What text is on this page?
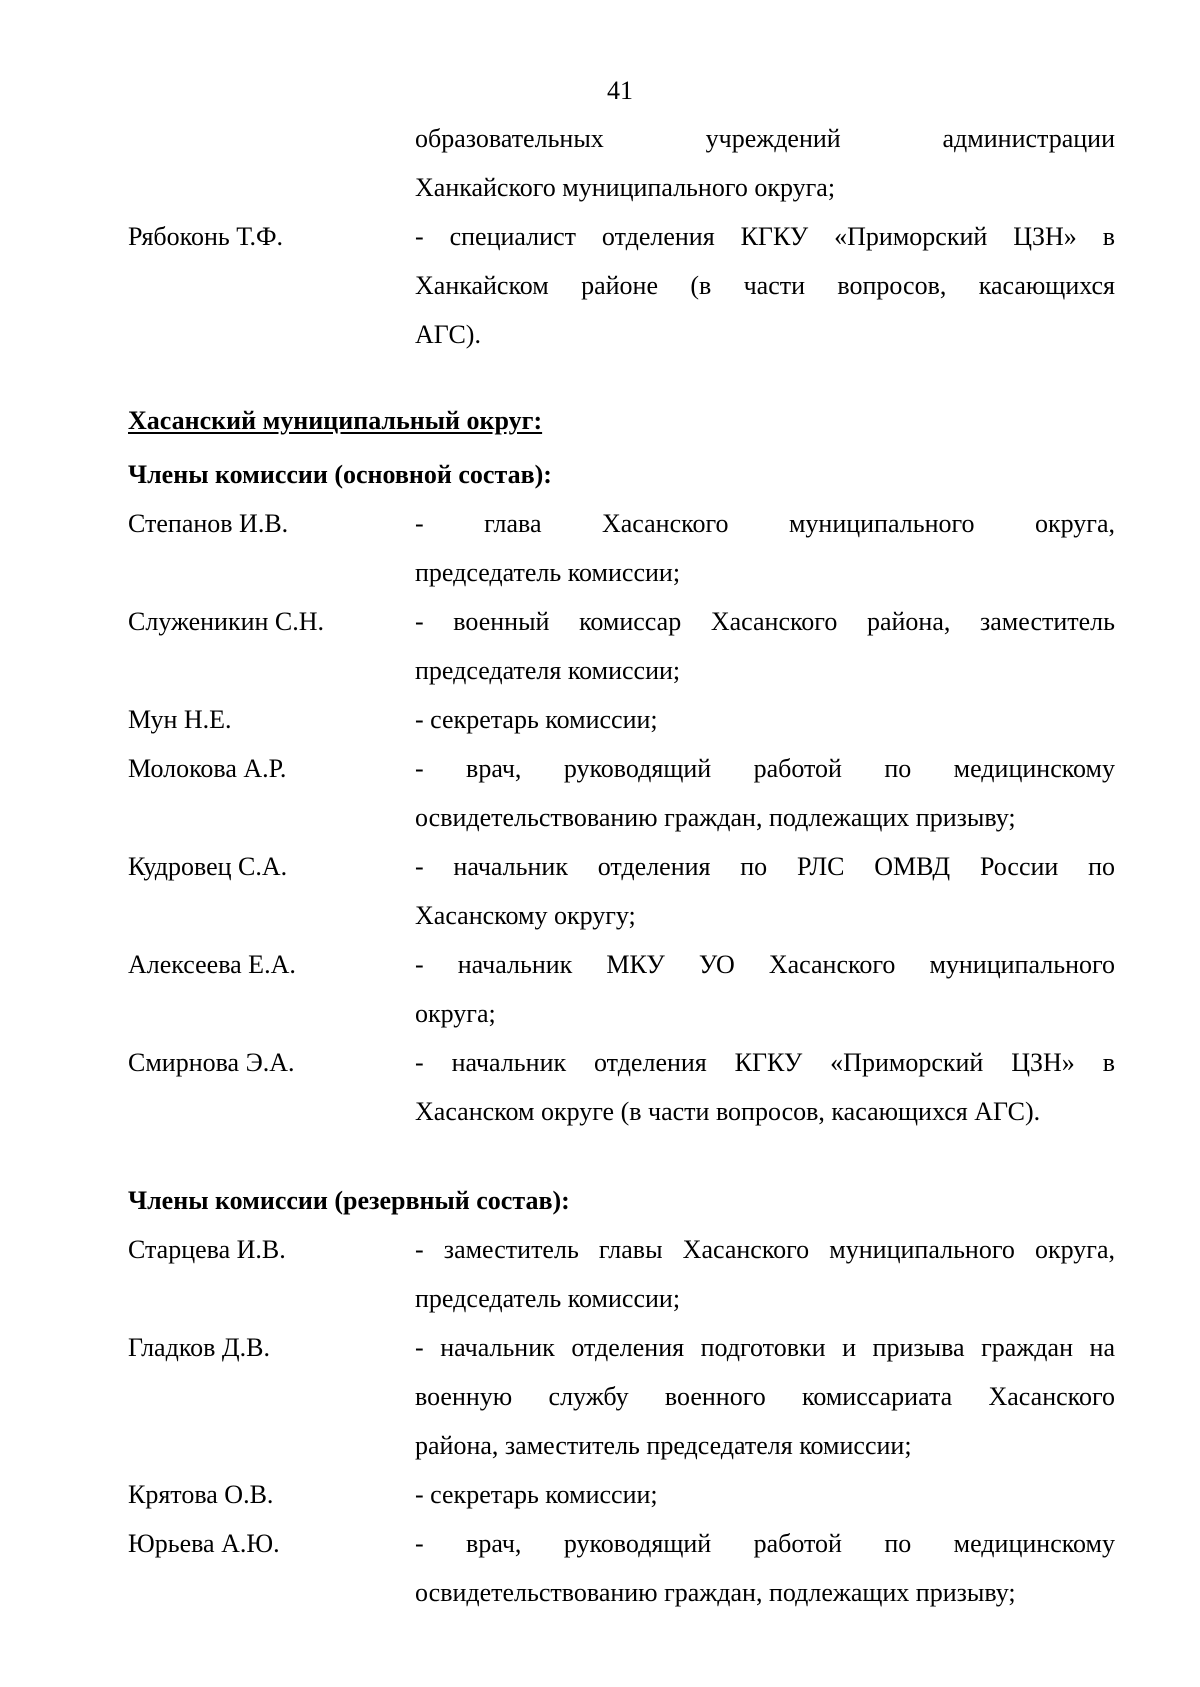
41
образовательных учреждений администрации
Ханкайского муниципального округа;
Рябоконь Т.Ф.	- специалист отделения КГКУ «Приморский ЦЗН» в
Ханкайском районе (в части вопросов, касающихся
АГС).
Хасанский муниципальный округ:
Члены комиссии (основной состав):
Степанов И.В.	- глава Хасанского муниципального округа,
председатель комиссии;
Служеникин С.Н.	- военный комиссар Хасанского района, заместитель
председателя комиссии;
Мун Н.Е.	- секретарь комиссии;
Молокова А.Р.	- врач, руководящий работой по медицинскому
освидетельствованию граждан, подлежащих призыву;
Кудровец С.А.	- начальник отделения по РЛС ОМВД России по
Хасанскому округу;
Алексеева Е.А.	- начальник МКУ УО Хасанского муниципального
округа;
Смирнова Э.А.	- начальник отделения КГКУ «Приморский ЦЗН» в
Хасанском округе (в части вопросов, касающихся АГС).
Члены комиссии (резервный состав):
Старцева И.В.	- заместитель главы Хасанского муниципального округа,
председатель комиссии;
Гладков Д.В.	- начальник отделения подготовки и призыва граждан на
военную службу военного комиссариата Хасанского
района, заместитель председателя комиссии;
Крятова О.В.	- секретарь комиссии;
Юрьева А.Ю.	- врач, руководящий работой по медицинскому
освидетельствованию граждан, подлежащих призыву;
